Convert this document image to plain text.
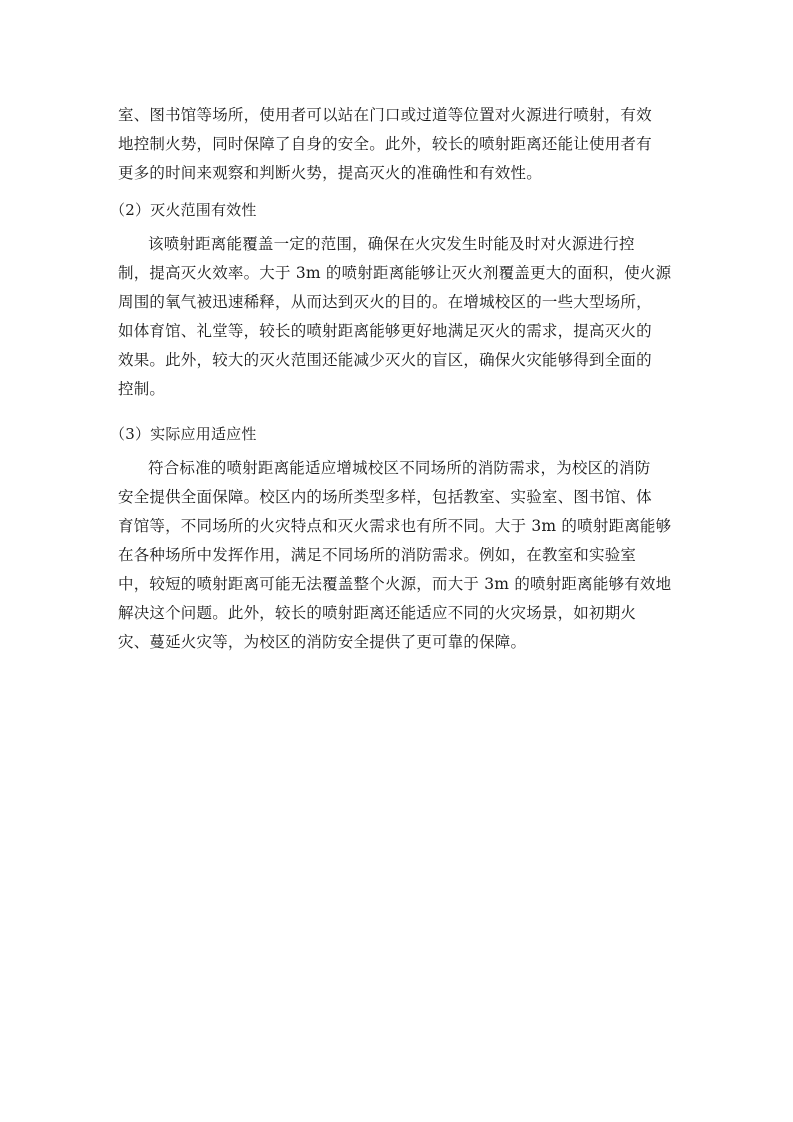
室、图书馆等场所，使用者可以站在门口或过道等位置对火源进行喷射，有效
地控制火势，同时保障了自身的安全。此外，较长的喷射距离还能让使用者有
更多的时间来观察和判断火势，提高灭火的准确性和有效性。
（2）灭火范围有效性
该喷射距离能覆盖一定的范围，确保在火灾发生时能及时对火源进行控
制，提高灭火效率。大于 3m 的喷射距离能够让灭火剂覆盖更大的面积，使火源
周围的氧气被迅速稀释，从而达到灭火的目的。在增城校区的一些大型场所，
如体育馆、礼堂等，较长的喷射距离能够更好地满足灭火的需求，提高灭火的
效果。此外，较大的灭火范围还能减少灭火的盲区，确保火灾能够得到全面的
控制。
（3）实际应用适应性
符合标准的喷射距离能适应增城校区不同场所的消防需求，为校区的消防
安全提供全面保障。校区内的场所类型多样，包括教室、实验室、图书馆、体
育馆等，不同场所的火灾特点和灭火需求也有所不同。大于 3m 的喷射距离能够
在各种场所中发挥作用，满足不同场所的消防需求。例如，在教室和实验室
中，较短的喷射距离可能无法覆盖整个火源，而大于 3m 的喷射距离能够有效地
解决这个问题。此外，较长的喷射距离还能适应不同的火灾场景，如初期火
灾、蔓延火灾等，为校区的消防安全提供了更可靠的保障。
